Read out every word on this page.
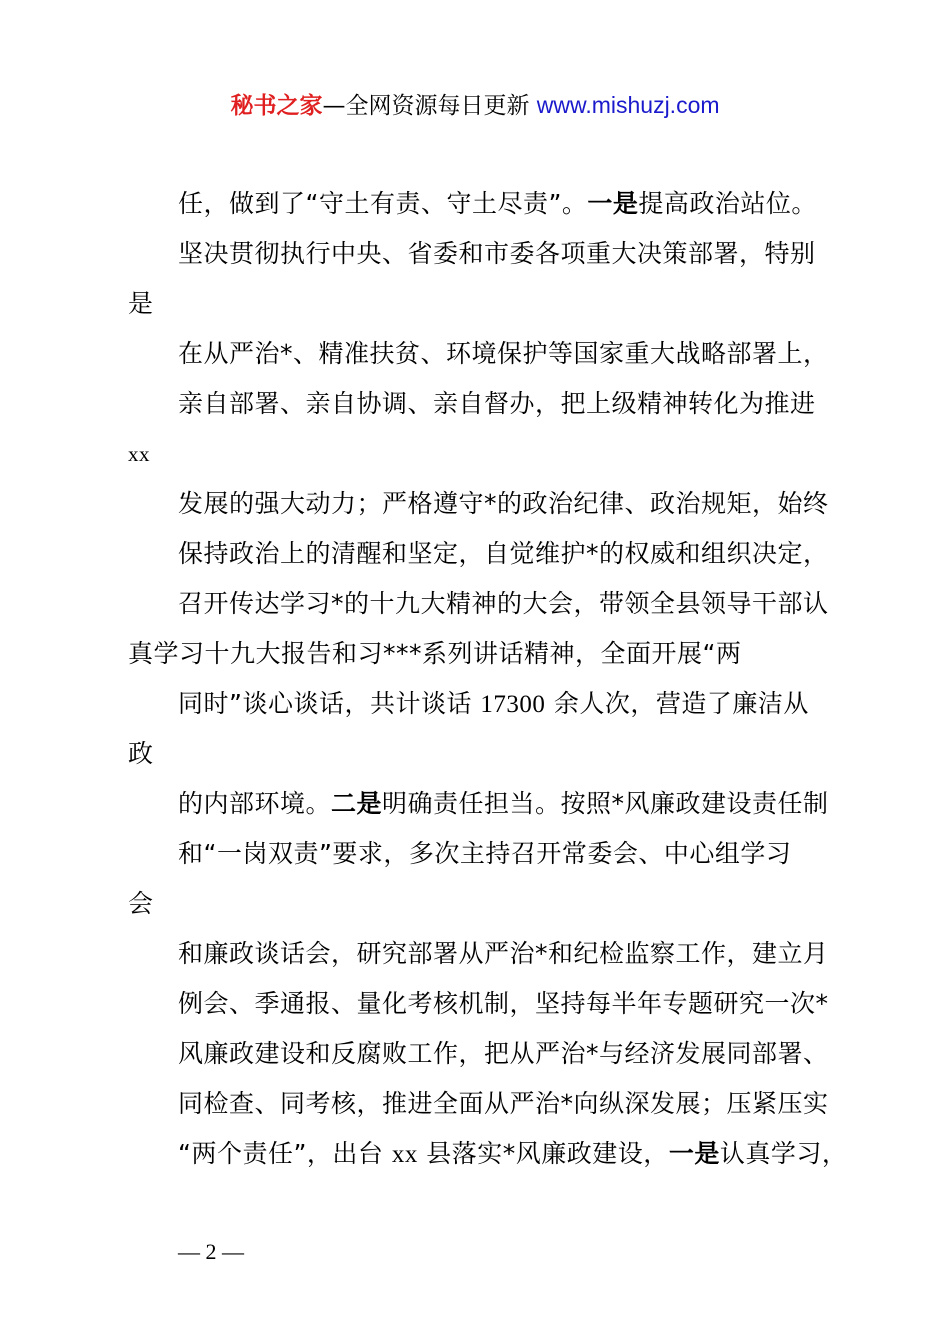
秘书之家—全网资源每日更新 www.mishuzj.com
任，做到了“守土有责、守土尽责”。一是提高政治站位。
坚决贯彻执行中央、省委和市委各项重大决策部署，特别
是
在从严治*、精准扶贫、环境保护等国家重大战略部署上，
亲自部署、亲自协调、亲自督办，把上级精神转化为推进
xx
发展的强大动力；严格遵守*的政治纪律、政治规矩，始终
保持政治上的清醒和坚定，自觉维护*的权威和组织决定，
召开传达学习*的十九大精神的大会，带领全县领导干部认
真学习十九大报告和习***系列讲话精神，全面开展“两
同时”谈心谈话，共计谈话 17300 余人次，营造了廉洁从
政
的内部环境。二是明确责任担当。按照*风廉政建设责任制
和“一岗双责”要求，多次主持召开常委会、中心组学习
会
和廉政谈话会，研究部署从严治*和纪检监察工作，建立月
例会、季通报、量化考核机制，坚持每半年专题研究一次*
风廉政建设和反腐败工作，把从严治*与经济发展同部署、
同检查、同考核，推进全面从严治*向纵深发展；压紧压实
“两个责任”，出台 xx 县落实*风廉政建设，一是认真学习，
— 2 —
